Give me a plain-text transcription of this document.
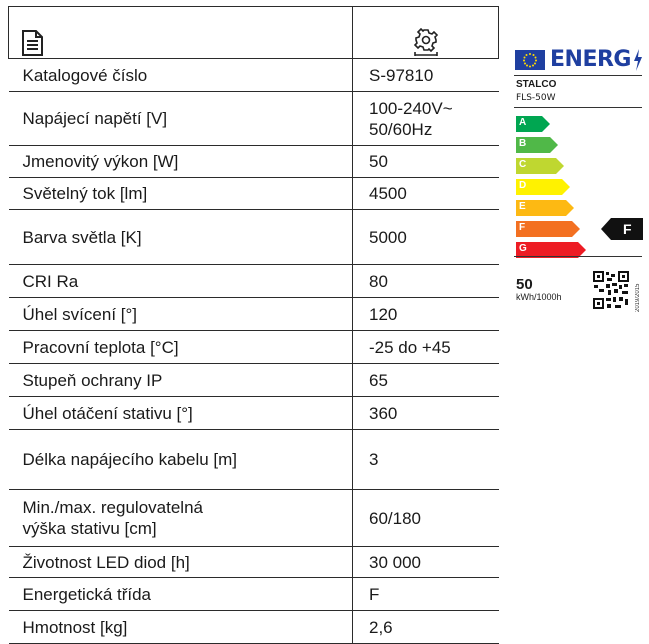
Katalogové číslo	S-97810
Napájecí napětí [V]	100-240V~
50/60Hz
Jmenovitý výkon [W]	50
Světelný tok [lm]	4500
Barva světla [K]	5000
CRI Ra	80
Úhel svícení [°]	120
Pracovní teplota [°C]	-25 do +45
Stupeň ochrany IP	65
Úhel otáčení stativu [°]	360
Délka napájecího kabelu [m]	3
Min./max. regulovatelná
výška stativu [cm]	60/180
Životnost LED diod [h]	30 000
Energetická třída	F
Hmotnost [kg]	2,6
ENERG
STALCO
FLS-50W
A
B
C
D
E
F
G
F
50
kWh/1000h	2019/2015
